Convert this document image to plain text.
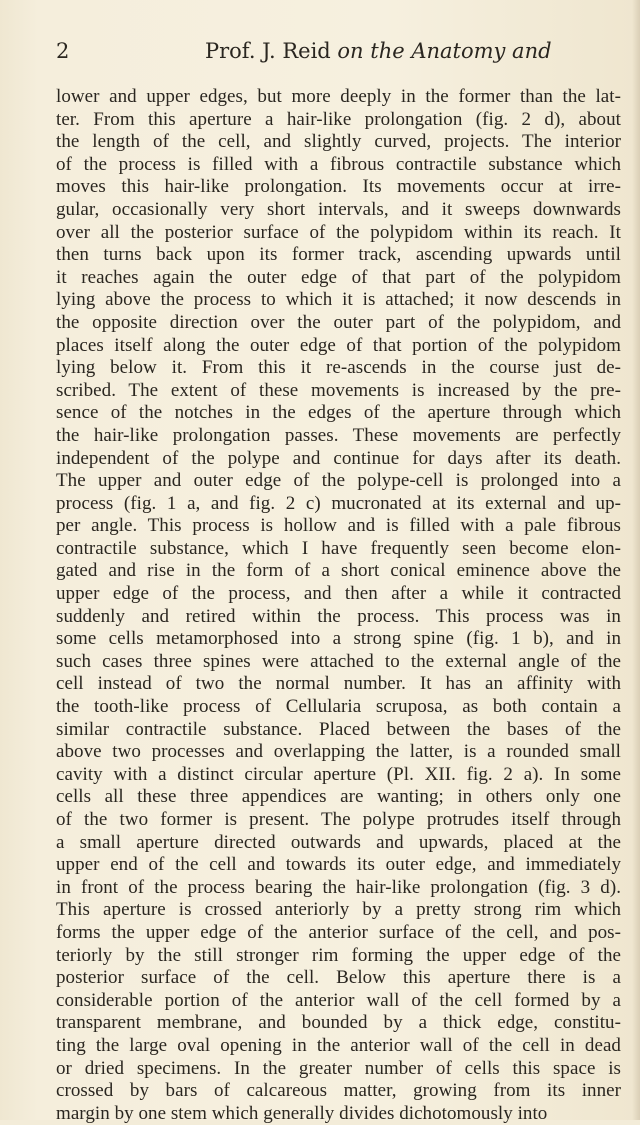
2	Prof. J. Reid on the Anatomy and
lower and upper edges, but more deeply in the former than the lat-
ter. From this aperture a hair-like prolongation (fig. 2 d), about
the length of the cell, and slightly curved, projects. The interior
of the process is filled with a fibrous contractile substance which
moves this hair-like prolongation. Its movements occur at irre-
gular, occasionally very short intervals, and it sweeps downwards
over all the posterior surface of the polypidom within its reach. It
then turns back upon its former track, ascending upwards until
it reaches again the outer edge of that part of the polypidom
lying above the process to which it is attached; it now descends in
the opposite direction over the outer part of the polypidom, and
places itself along the outer edge of that portion of the polypidom
lying below it. From this it re-ascends in the course just de-
scribed. The extent of these movements is increased by the pre-
sence of the notches in the edges of the aperture through which
the hair-like prolongation passes. These movements are perfectly
independent of the polype and continue for days after its death.
The upper and outer edge of the polype-cell is prolonged into a
process (fig. 1 a, and fig. 2 c) mucronated at its external and up-
per angle. This process is hollow and is filled with a pale fibrous
contractile substance, which I have frequently seen become elon-
gated and rise in the form of a short conical eminence above the
upper edge of the process, and then after a while it contracted
suddenly and retired within the process. This process was in
some cells metamorphosed into a strong spine (fig. 1 b), and in
such cases three spines were attached to the external angle of the
cell instead of two the normal number. It has an affinity with
the tooth-like process of Cellularia scruposa, as both contain a
similar contractile substance. Placed between the bases of the
above two processes and overlapping the latter, is a rounded small
cavity with a distinct circular aperture (Pl. XII. fig. 2 a). In some
cells all these three appendices are wanting; in others only one
of the two former is present. The polype protrudes itself through
a small aperture directed outwards and upwards, placed at the
upper end of the cell and towards its outer edge, and immediately
in front of the process bearing the hair-like prolongation (fig. 3 d).
This aperture is crossed anteriorly by a pretty strong rim which
forms the upper edge of the anterior surface of the cell, and pos-
teriorly by the still stronger rim forming the upper edge of the
posterior surface of the cell. Below this aperture there is a
considerable portion of the anterior wall of the cell formed by a
transparent membrane, and bounded by a thick edge, constitu-
ting the large oval opening in the anterior wall of the cell in dead
or dried specimens. In the greater number of cells this space is
crossed by bars of calcareous matter, growing from its inner
margin by one stem which generally divides dichotomously into
